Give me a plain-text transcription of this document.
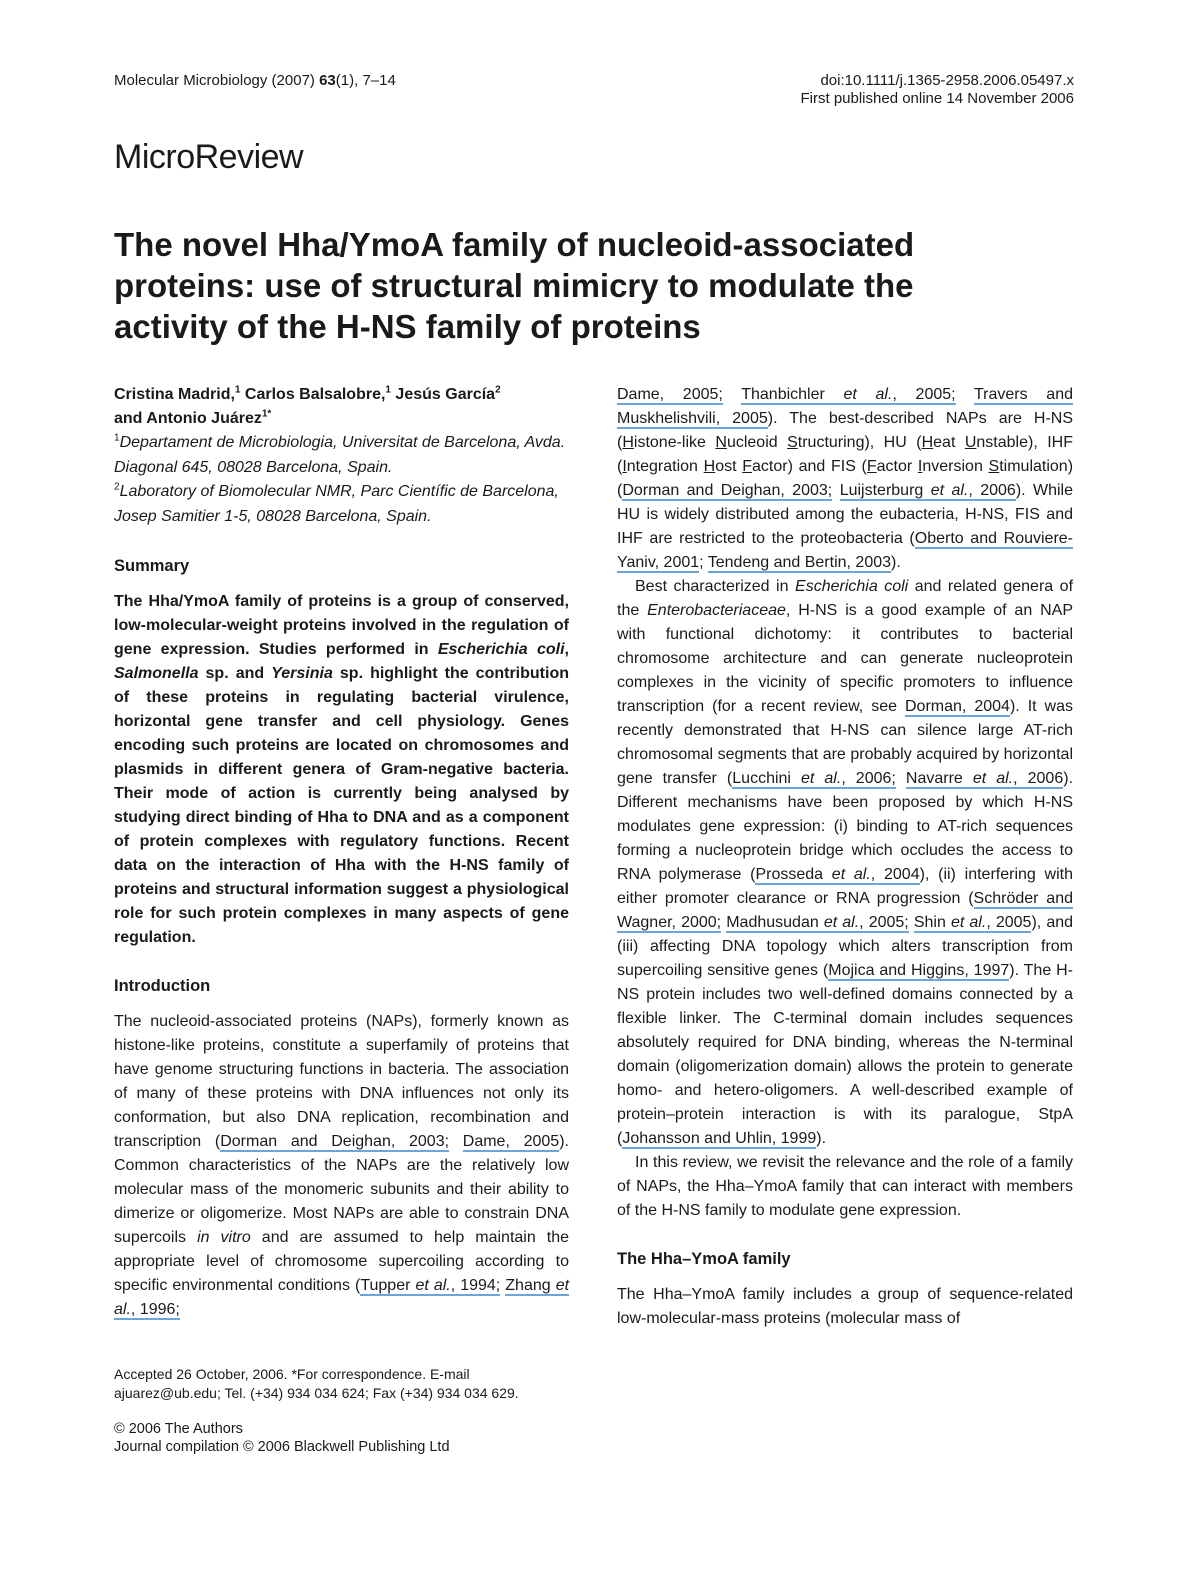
Molecular Microbiology (2007) 63(1), 7–14	doi:10.1111/j.1365-2958.2006.05497.x
First published online 14 November 2006
MicroReview
The novel Hha/YmoA family of nucleoid-associated
proteins: use of structural mimicry to modulate the
activity of the H-NS family of proteins
Cristina Madrid,$^1$ Carlos Balsalobre,$^1$ Jesús García$^2$
and Antonio Juárez$^{1*}$
$^1$Departament de Microbiologia, Universitat de Barcelona, Avda. Diagonal 645, 08028 Barcelona, Spain.
$^2$Laboratory of Biomolecular NMR, Parc Científic de Barcelona, Josep Samitier 1-5, 08028 Barcelona, Spain.
Summary

The Hha/YmoA family of proteins is a group of conserved, low-molecular-weight proteins involved in the regulation of gene expression. Studies performed in Escherichia coli, Salmonella sp. and Yersinia sp. highlight the contribution of these proteins in regulating bacterial virulence, horizontal gene transfer and cell physiology. Genes encoding such proteins are located on chromosomes and plasmids in different genera of Gram-negative bacteria. Their mode of action is currently being analysed by studying direct binding of Hha to DNA and as a component of protein complexes with regulatory functions. Recent data on the interaction of Hha with the H-NS family of proteins and structural information suggest a physiological role for such protein complexes in many aspects of gene regulation.

Introduction

The nucleoid-associated proteins (NAPs), formerly known as histone-like proteins, constitute a superfamily of proteins that have genome structuring functions in bacteria. The association of many of these proteins with DNA influences not only its conformation, but also DNA replication, recombination and transcription (Dorman and Deighan, 2003; Dame, 2005). Common characteristics of the NAPs are the relatively low molecular mass of the monomeric subunits and their ability to dimerize or oligomerize. Most NAPs are able to constrain DNA supercoils in vitro and are assumed to help maintain the appropriate level of chromosome supercoiling according to specific environmental conditions (Tupper et al., 1994; Zhang et al., 1996;

Accepted 26 October, 2006. *For correspondence. E-mail ajuarez@ub.edu; Tel. (+34) 934 034 624; Fax (+34) 934 034 629.
© 2006 The Authors
Journal compilation © 2006 Blackwell Publishing Ltd

Dame, 2005; Thanbichler et al., 2005; Travers and Muskhelishvili, 2005). The best-described NAPs are H-NS (Histone-like Nucleoid Structuring), HU (Heat Unstable), IHF (Integration Host Factor) and FIS (Factor Inversion Stimulation) (Dorman and Deighan, 2003; Luijsterburg et al., 2006). While HU is widely distributed among the eubacteria, H-NS, FIS and IHF are restricted to the proteobacteria (Oberto and Rouviere-Yaniv, 2001; Tendeng and Bertin, 2003).

Best characterized in Escherichia coli and related genera of the Enterobacteriaceae, H-NS is a good example of an NAP with functional dichotomy: it contributes to bacterial chromosome architecture and can generate nucleoprotein complexes in the vicinity of specific promoters to influence transcription (for a recent review, see Dorman, 2004). It was recently demonstrated that H-NS can silence large AT-rich chromosomal segments that are probably acquired by horizontal gene transfer (Lucchini et al., 2006; Navarre et al., 2006). Different mechanisms have been proposed by which H-NS modulates gene expression: (i) binding to AT-rich sequences forming a nucleoprotein bridge which occludes the access to RNA polymerase (Prosseda et al., 2004), (ii) interfering with either promoter clearance or RNA progression (Schröder and Wagner, 2000; Madhusudan et al., 2005; Shin et al., 2005), and (iii) affecting DNA topology which alters transcription from supercoiling sensitive genes (Mojica and Higgins, 1997). The H-NS protein includes two well-defined domains connected by a flexible linker. The C-terminal domain includes sequences absolutely required for DNA binding, whereas the N-terminal domain (oligomerization domain) allows the protein to generate homo- and hetero-oligomers. A well-described example of protein–protein interaction is with its paralogue, StpA (Johansson and Uhlin, 1999).

In this review, we revisit the relevance and the role of a family of NAPs, the Hha–YmoA family that can interact with members of the H-NS family to modulate gene expression.

The Hha–YmoA family

The Hha–YmoA family includes a group of sequence-related low-molecular-mass proteins (molecular mass of
